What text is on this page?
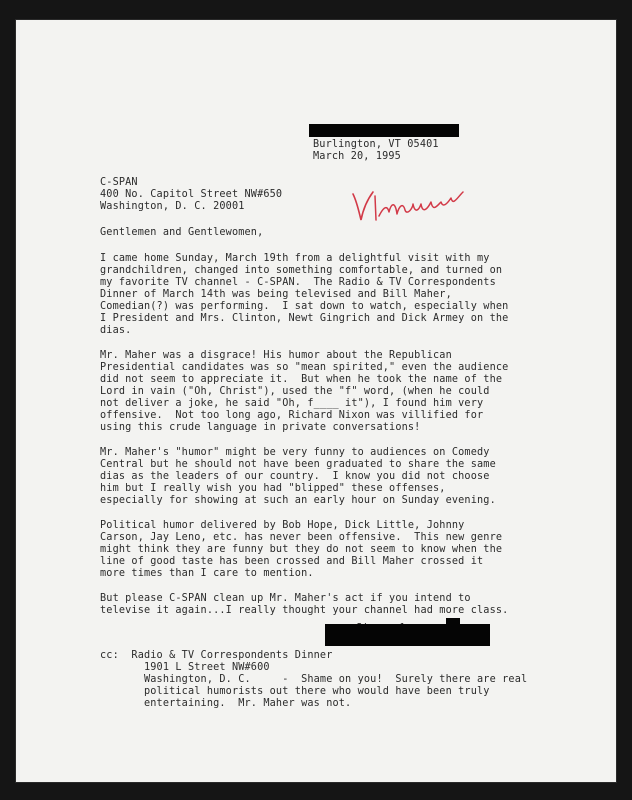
Burlington, VT 05401
March 20, 1995
C-SPAN
400 No. Capitol Street NW#650
Washington, D. C. 20001
Gentlemen and Gentlewomen,
I came home Sunday, March 19th from a delightful visit with my
grandchildren, changed into something comfortable, and turned on
my favorite TV channel - C-SPAN.  The Radio & TV Correspondents
Dinner of March 14th was being televised and Bill Maher,
Comedian(?) was performing.  I sat down to watch, especially when
I President and Mrs. Clinton, Newt Gingrich and Dick Armey on the
dias.
Mr. Maher was a disgrace! His humor about the Republican
Presidential candidates was so "mean spirited," even the audience
did not seem to appreciate it.  But when he took the name of the
Lord in vain ("Oh, Christ"), used the "f" word, (when he could
not deliver a joke, he said "Oh, f____ it"), I found him very
offensive.  Not too long ago, Richard Nixon was villified for
using this crude language in private conversations!
Mr. Maher's "humor" might be very funny to audiences on Comedy
Central but he should not have been graduated to share the same
dias as the leaders of our country.  I know you did not choose
him but I really wish you had "blipped" these offenses,
especially for showing at such an early hour on Sunday evening.
Political humor delivered by Bob Hope, Dick Little, Johnny
Carson, Jay Leno, etc. has never been offensive.  This new genre
might think they are funny but they do not seem to know when the
line of good taste has been crossed and Bill Maher crossed it
more times than I care to mention.
But please C-SPAN clean up Mr. Maher's act if you intend to
televise it again...I really thought your channel had more class.
cc:  Radio & TV Correspondents Dinner
1901 L Street NW#600
Washington, D. C.     -  Shame on you!  Surely there are real
political humorists out there who would have been truly
entertaining.  Mr. Maher was not.
